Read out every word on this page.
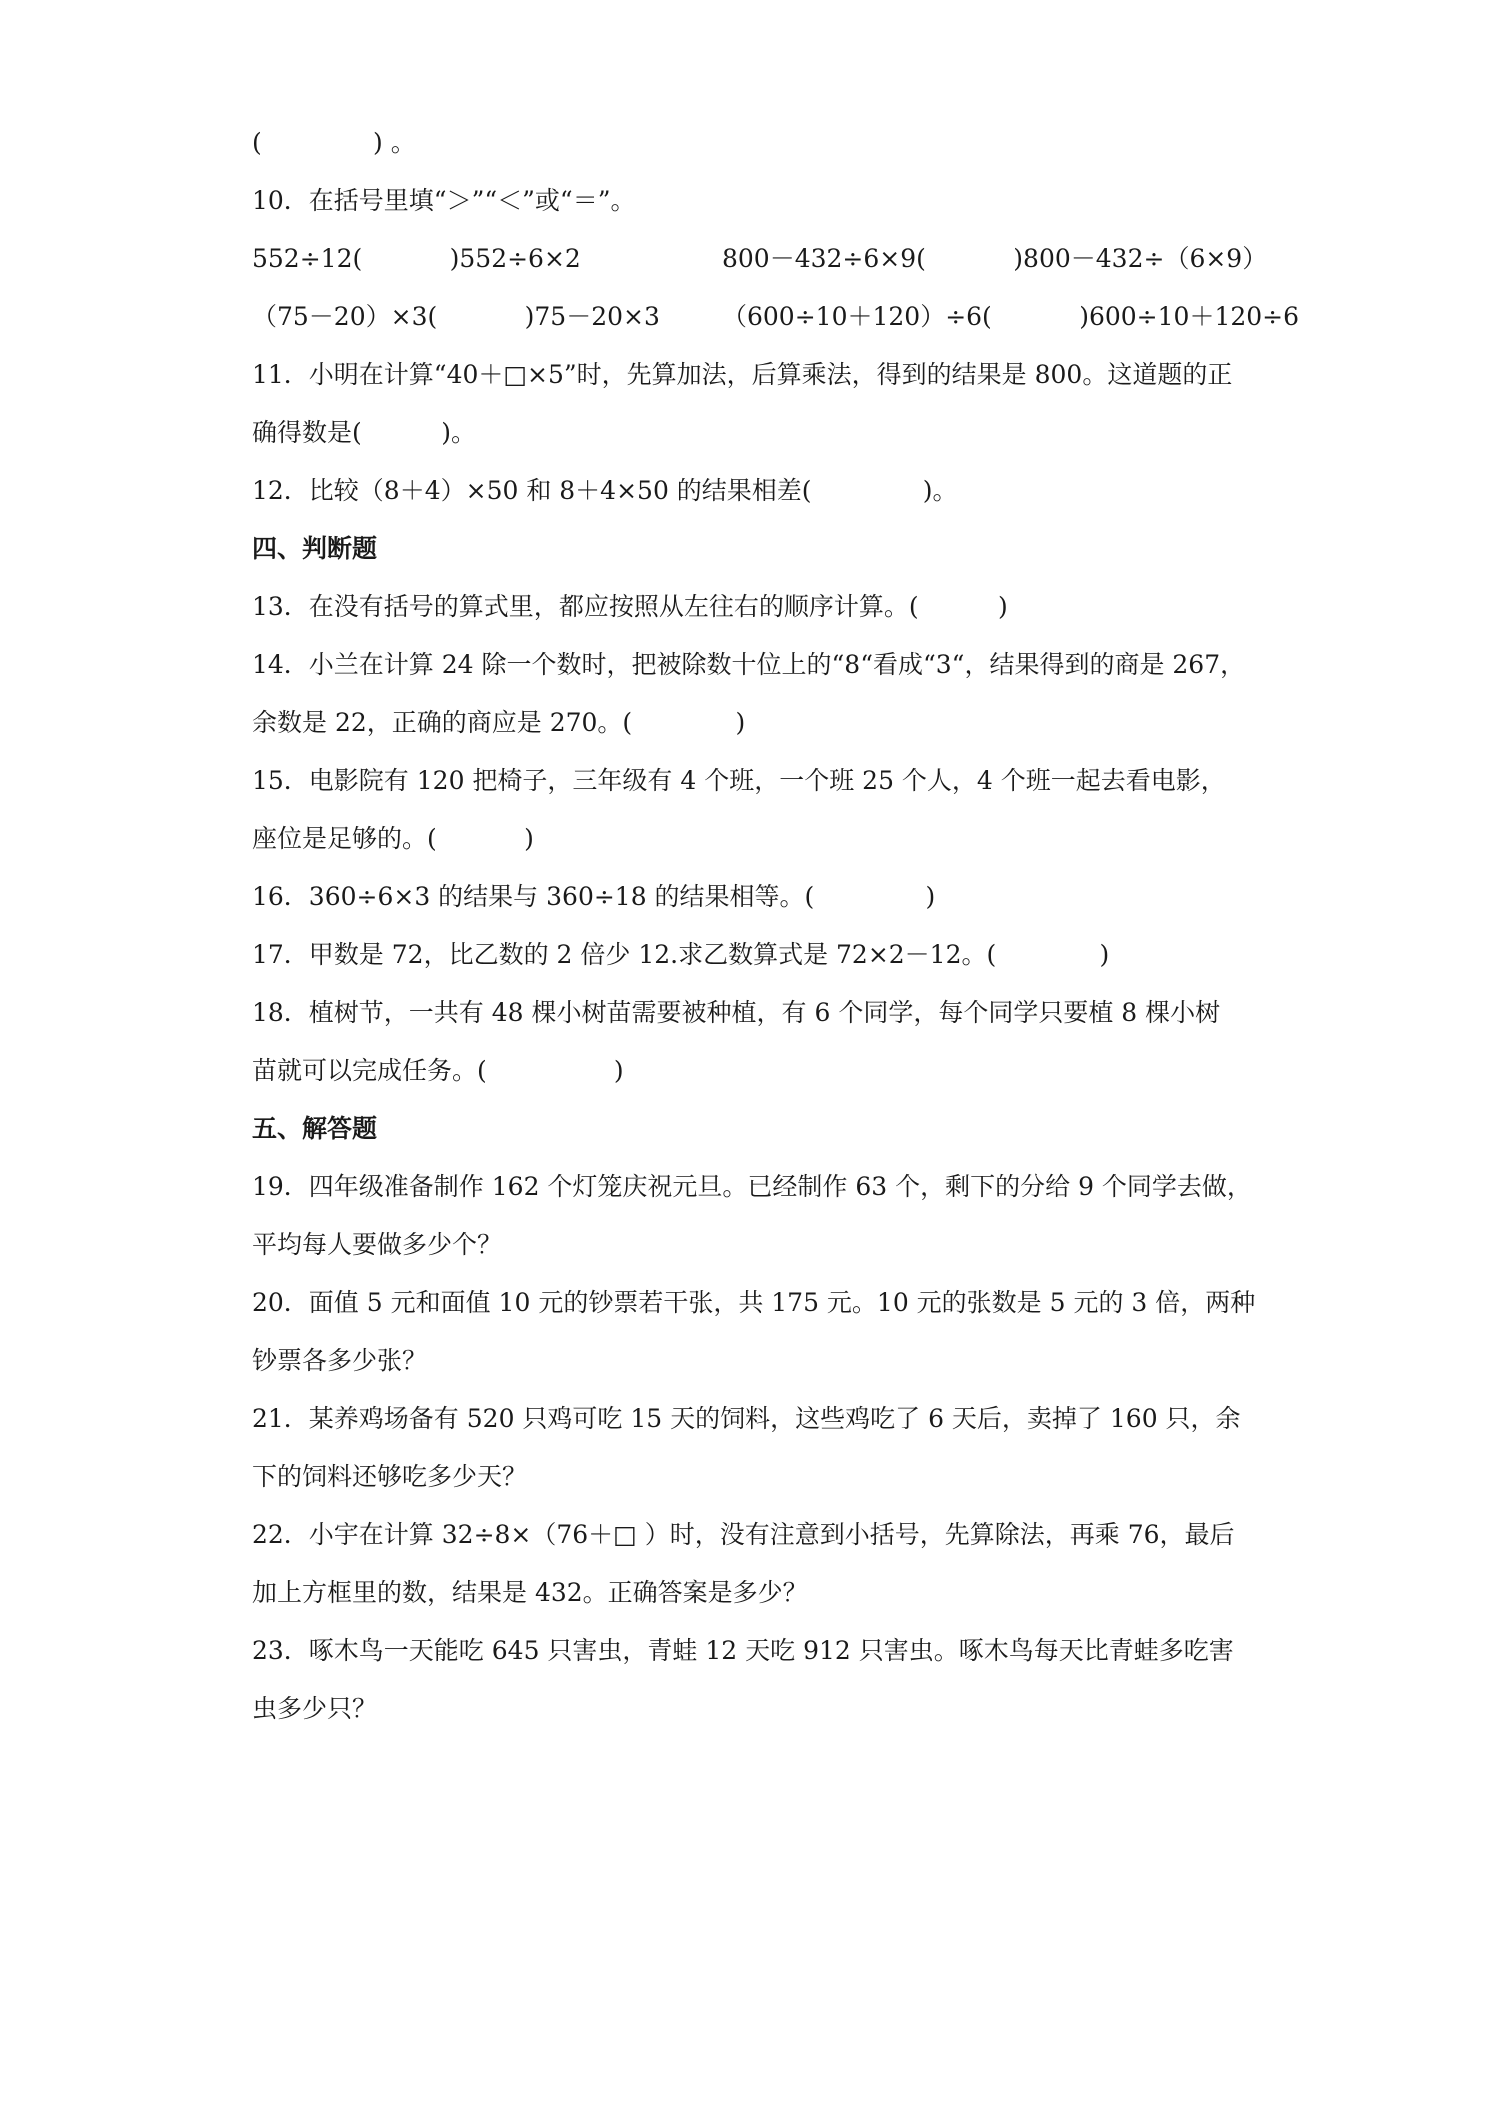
(              ) 。
10．在括号里填“＞”“＜”或“＝”。
552÷12(           )552÷6×2	800－432÷6×9(           )800－432÷（6×9）
（75－20）×3(           )75－20×3 （600÷10＋120）÷6(           )600÷10＋120÷6
11．小明在计算“40＋□×5”时，先算加法，后算乘法，得到的结果是 800。这道题的正
确得数是(          )。
12．比较（8＋4）×50 和 8＋4×50 的结果相差(              )。
四、判断题
13．在没有括号的算式里，都应按照从左往右的顺序计算。(          )
14．小兰在计算 24 除一个数时，把被除数十位上的“8“看成“3“，结果得到的商是 267，
余数是 22，正确的商应是 270。(             )
15．电影院有 120 把椅子，三年级有 4 个班，一个班 25 个人，4 个班一起去看电影，
座位是足够的。(           )
16．360÷6×3 的结果与 360÷18 的结果相等。(              )
17．甲数是 72，比乙数的 2 倍少 12.求乙数算式是 72×2－12。(             )
18．植树节，一共有 48 棵小树苗需要被种植，有 6 个同学，每个同学只要植 8 棵小树
苗就可以完成任务。(                )
五、解答题
19．四年级准备制作 162 个灯笼庆祝元旦。已经制作 63 个，剩下的分给 9 个同学去做，
平均每人要做多少个？
20．面值 5 元和面值 10 元的钞票若干张，共 175 元。10 元的张数是 5 元的 3 倍，两种
钞票各多少张？
21．某养鸡场备有 520 只鸡可吃 15 天的饲料，这些鸡吃了 6 天后，卖掉了 160 只，余
下的饲料还够吃多少天？
22．小宇在计算 32÷8×（76＋□ ）时，没有注意到小括号，先算除法，再乘 76，最后
加上方框里的数，结果是 432。正确答案是多少？
23．啄木鸟一天能吃 645 只害虫，青蛙 12 天吃 912 只害虫。啄木鸟每天比青蛙多吃害
虫多少只？
